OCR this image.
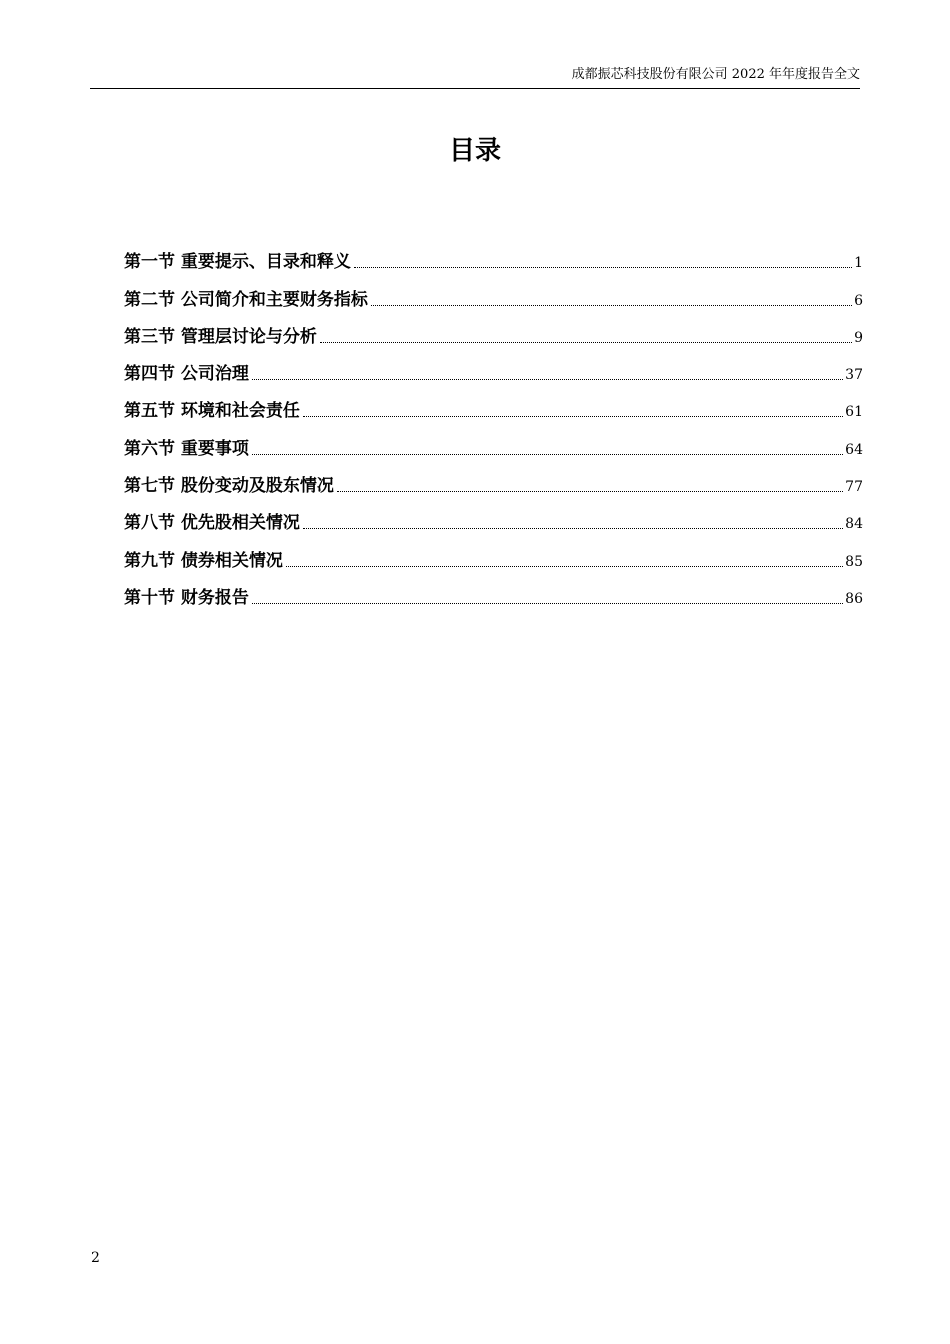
成都振芯科技股份有限公司 2022 年年度报告全文
目录
第一节 重要提示、目录和释义	1
第二节 公司简介和主要财务指标	6
第三节 管理层讨论与分析	9
第四节 公司治理	37
第五节 环境和社会责任	61
第六节 重要事项	64
第七节 股份变动及股东情况	77
第八节 优先股相关情况	84
第九节 债券相关情况	85
第十节 财务报告	86
2
